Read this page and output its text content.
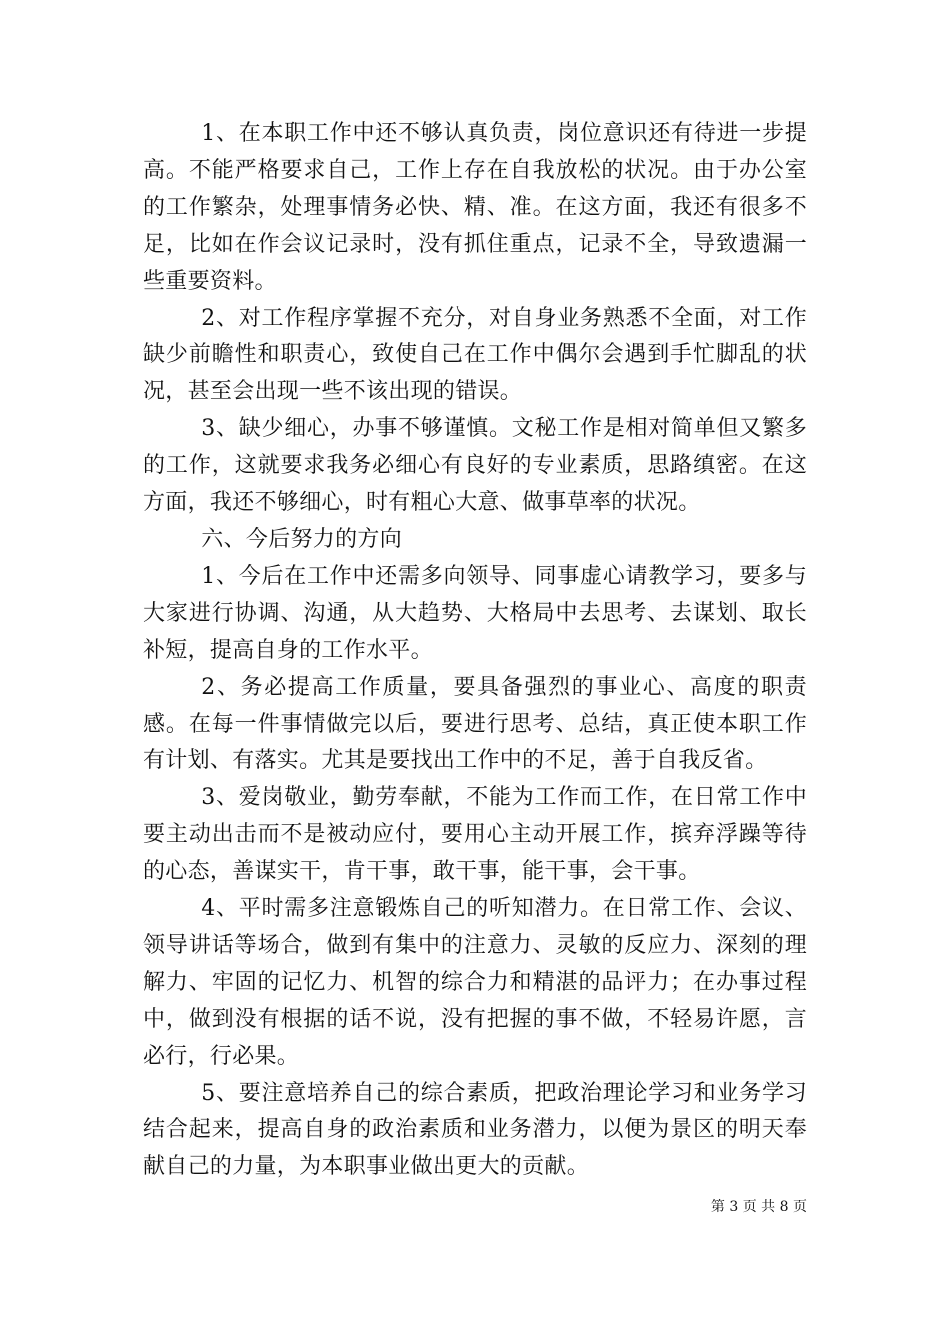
1、在本职工作中还不够认真负责，岗位意识还有待进一步提高。不能严格要求自己，工作上存在自我放松的状况。由于办公室的工作繁杂，处理事情务必快、精、准。在这方面，我还有很多不足，比如在作会议记录时，没有抓住重点，记录不全，导致遗漏一些重要资料。

2、对工作程序掌握不充分，对自身业务熟悉不全面，对工作缺少前瞻性和职责心，致使自己在工作中偶尔会遇到手忙脚乱的状况，甚至会出现一些不该出现的错误。

3、缺少细心，办事不够谨慎。文秘工作是相对简单但又繁多的工作，这就要求我务必细心有良好的专业素质，思路缜密。在这方面，我还不够细心，时有粗心大意、做事草率的状况。

六、今后努力的方向

1、今后在工作中还需多向领导、同事虚心请教学习，要多与大家进行协调、沟通，从大趋势、大格局中去思考、去谋划、取长补短，提高自身的工作水平。

2、务必提高工作质量，要具备强烈的事业心、高度的职责感。在每一件事情做完以后，要进行思考、总结，真正使本职工作有计划、有落实。尤其是要找出工作中的不足，善于自我反省。

3、爱岗敬业，勤劳奉献，不能为工作而工作，在日常工作中要主动出击而不是被动应付，要用心主动开展工作，摈弃浮躁等待的心态，善谋实干，肯干事，敢干事，能干事，会干事。

4、平时需多注意锻炼自己的听知潜力。在日常工作、会议、领导讲话等场合，做到有集中的注意力、灵敏的反应力、深刻的理解力、牢固的记忆力、机智的综合力和精湛的品评力；在办事过程中，做到没有根据的话不说，没有把握的事不做，不轻易许愿，言必行，行必果。

5、要注意培养自己的综合素质，把政治理论学习和业务学习结合起来，提高自身的政治素质和业务潜力，以便为景区的明天奉献自己的力量，为本职事业做出更大的贡献。

第 3 页 共 8 页
